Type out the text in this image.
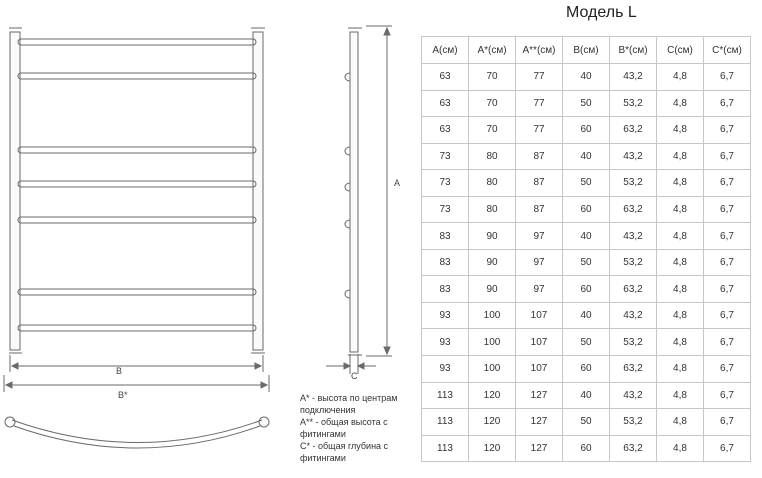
B
B*
A
C
Модель L
A* - высота по центрам подключения
A** - общая высота с фитингами
C* - общая глубина с фитингами
A(см)	A*(см)	A**(см)	B(см)	B*(см)	C(см)	C*(см)
63	70	77	40	43,2	4,8	6,7
63	70	77	50	53,2	4,8	6,7
63	70	77	60	63,2	4,8	6,7
73	80	87	40	43,2	4,8	6,7
73	80	87	50	53,2	4,8	6,7
73	80	87	60	63,2	4,8	6,7
83	90	97	40	43,2	4,8	6,7
83	90	97	50	53,2	4,8	6,7
83	90	97	60	63,2	4,8	6,7
93	100	107	40	43,2	4,8	6,7
93	100	107	50	53,2	4,8	6,7
93	100	107	60	63,2	4,8	6,7
113	120	127	40	43,2	4,8	6,7
113	120	127	50	53,2	4,8	6,7
113	120	127	60	63,2	4,8	6,7
